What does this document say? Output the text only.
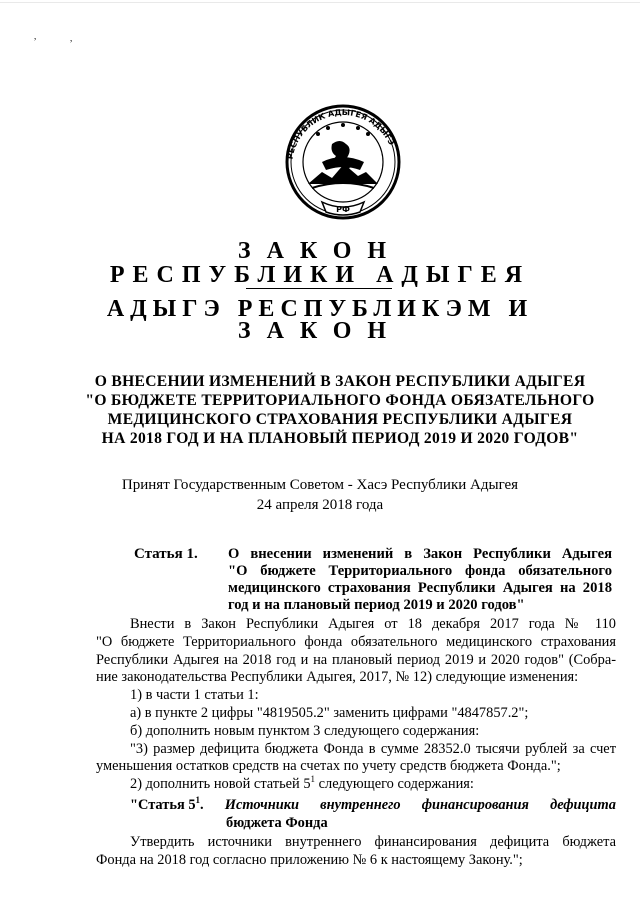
,	,
РЕСПУБЛИК АДЫГЕЯ АДЫГЭ
РФ
ЗАКОН
РЕСПУБЛИКИ АДЫГЕЯ
АДЫГЭ РЕСПУБЛИКЭМ И
ЗАКОН
О ВНЕСЕНИИ ИЗМЕНЕНИЙ В ЗАКОН РЕСПУБЛИКИ АДЫГЕЯ
"О БЮДЖЕТЕ ТЕРРИТОРИАЛЬНОГО ФОНДА ОБЯЗАТЕЛЬНОГО
МЕДИЦИНСКОГО СТРАХОВАНИЯ РЕСПУБЛИКИ АДЫГЕЯ
НА 2018 ГОД И НА ПЛАНОВЫЙ ПЕРИОД 2019 И 2020 ГОДОВ"
Принят Государственным Советом - Хасэ Республики Адыгея
24 апреля 2018 года
Статья 1. О внесении изменений в Закон Республики Адыгея
"О бюджете Территориального фонда обязательного
медицинского страхования Республики Адыгея на 2018
год и на плановый период 2019 и 2020 годов"
Внести в Закон Республики Адыгея от 18 декабря 2017 года № 110
"О бюджете Территориального фонда обязательного медицинского страхования
Республики Адыгея на 2018 год и на плановый период 2019 и 2020 годов" (Собра-
ние законодательства Республики Адыгея, 2017, № 12) следующие изменения:
1) в части 1 статьи 1:
а) в пункте 2 цифры "4819505.2" заменить цифрами "4847857.2";
б) дополнить новым пунктом 3 следующего содержания:
"3) размер дефицита бюджета Фонда в сумме 28352.0 тысячи рублей за счет
уменьшения остатков средств на счетах по учету средств бюджета Фонда.";
2) дополнить новой статьей $5^1$ следующего содержания:
"Статья $5^1$. Источники внутреннего финансирования дефицита
бюджета Фонда
Утвердить источники внутреннего финансирования дефицита бюджета
Фонда на 2018 год согласно приложению № 6 к настоящему Закону.";
